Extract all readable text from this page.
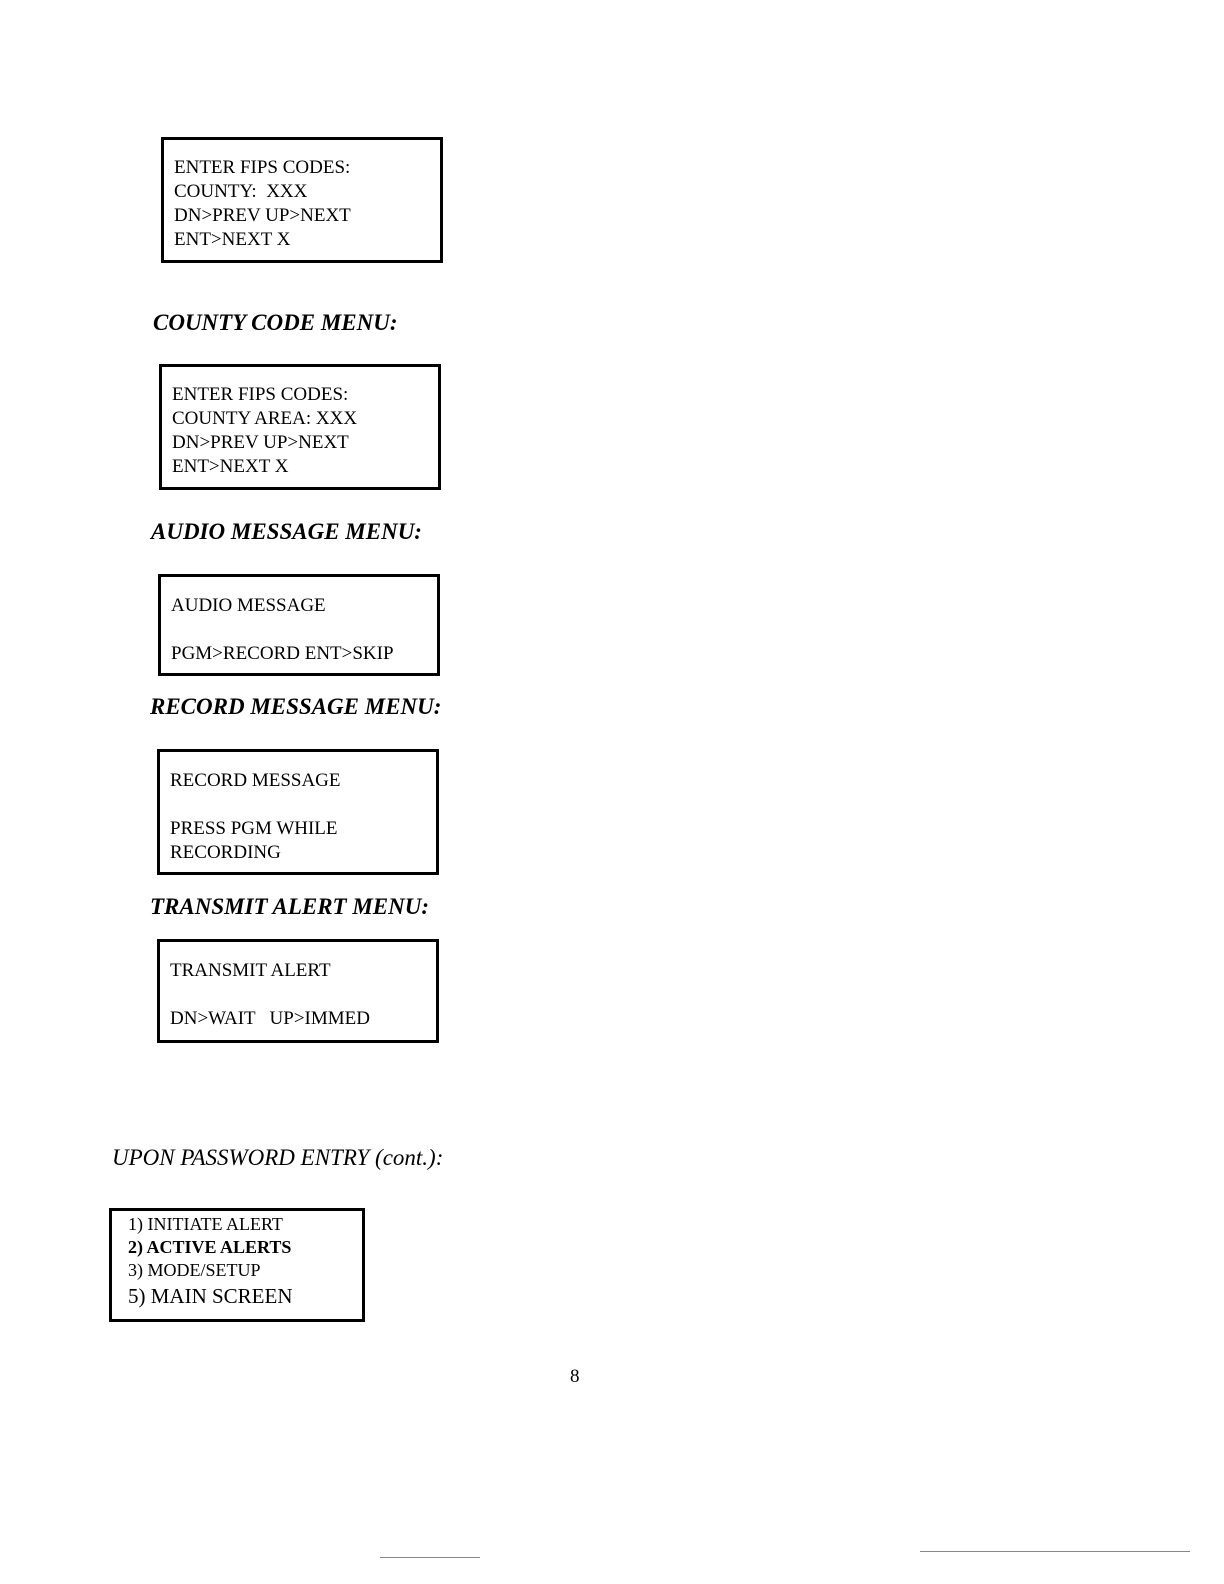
ENTER FIPS CODES:
COUNTY:  XXX
DN>PREV UP>NEXT
ENT>NEXT X
COUNTY CODE MENU:
ENTER FIPS CODES:
COUNTY AREA: XXX
DN>PREV UP>NEXT
ENT>NEXT X
AUDIO MESSAGE MENU:
AUDIO MESSAGE
PGM>RECORD ENT>SKIP
RECORD MESSAGE MENU:
RECORD MESSAGE
PRESS PGM WHILE
RECORDING
TRANSMIT ALERT MENU:
TRANSMIT ALERT
DN>WAIT   UP>IMMED
UPON PASSWORD ENTRY (cont.):
1) INITIATE ALERT
2) ACTIVE ALERTS
3) MODE/SETUP
5) MAIN SCREEN
8
